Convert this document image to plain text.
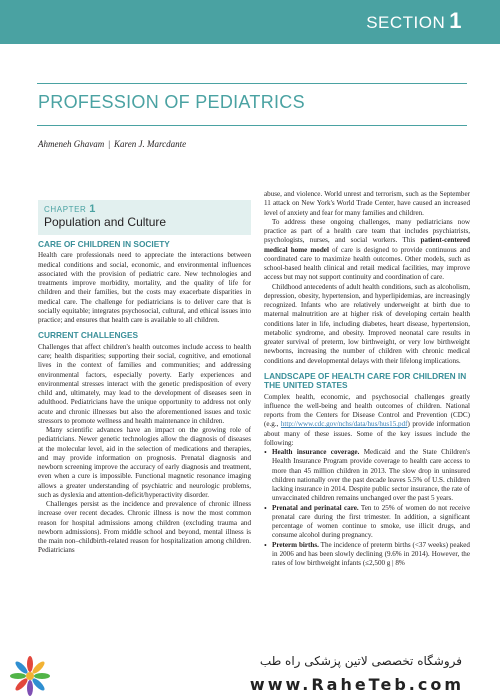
SECTION 1
PROFESSION OF PEDIATRICS
Ahmeneh Ghavam | Karen J. Marcdante
CHAPTER 1
Population and Culture
CARE OF CHILDREN IN SOCIETY

Health care professionals need to appreciate the interactions between medical conditions and social, economic, and environmental influences associated with the provision of pediatric care. New technologies and treatments improve morbidity, mortality, and the quality of life for children and their families, but the costs may exacerbate disparities in medical care. The challenge for pediatricians is to deliver care that is socially equitable; integrates psychosocial, cultural, and ethical issues into practice; and ensures that health care is available to all children.

CURRENT CHALLENGES

Challenges that affect children's health outcomes include access to health care; health disparities; supporting their social, cognitive, and emotional lives in the context of families and communities; and addressing environmental factors, especially poverty. Early experiences and environmental stresses interact with the genetic predisposition of every child and, ultimately, may lead to the development of diseases seen in adulthood. Pediatricians have the unique opportunity to address not only acute and chronic illnesses but also the aforementioned issues and toxic stressors to promote wellness and health maintenance in children.

Many scientific advances have an impact on the growing role of pediatricians. Newer genetic technologies allow the diagnosis of diseases at the molecular level, aid in the selection of medications and therapies, and may provide information on prognosis. Prenatal diagnosis and newborn screening improve the accuracy of early diagnosis and treatment, even when a cure is impossible. Functional magnetic resonance imaging allows a greater understanding of psychiatric and neurologic problems, such as dyslexia and attention-deficit/hyperactivity disorder.

Challenges persist as the incidence and prevalence of chronic illness increase over recent decades. Chronic illness is now the most common reason for hospital admissions among children (excluding trauma and newborn admissions). From middle school and beyond, mental illness is the main non–childbirth-related reason for hospitalization among children. Pediatricians

abuse, and violence. World unrest and terrorism, such as the September 11 attack on New York's World Trade Center, have caused an increased level of anxiety and fear for many families and children.

To address these ongoing challenges, many pediatricians now practice as part of a health care team that includes psychiatrists, psychologists, nurses, and social workers. This patient-centered medical home model of care is designed to provide continuous and coordinated care to maximize health outcomes. Other models, such as school-based health clinical and retail medical facilities, may improve access but may not support continuity and coordination of care.

Childhood antecedents of adult health conditions, such as alcoholism, depression, obesity, hypertension, and hyperlipidemias, are increasingly recognized. Infants who are relatively underweight at birth due to maternal malnutrition are at higher risk of developing certain health conditions later in life, including diabetes, heart disease, hypertension, metabolic syndrome, and obesity. Improved neonatal care results in greater survival of preterm, low birthweight, or very low birthweight newborns, increasing the number of children with chronic medical conditions and developmental delays with their lifelong implications.

LANDSCAPE OF HEALTH CARE FOR CHILDREN IN THE UNITED STATES

Complex health, economic, and psychosocial challenges greatly influence the well-being and health outcomes of children. National reports from the Centers for Disease Control and Prevention (CDC) (e.g., http://www.cdc.gov/nchs/data/hus/hus15.pdf) provide information about many of these issues. Some of the key issues include the following:

• Health insurance coverage. Medicaid and the State Children's Health Insurance Program provide coverage to health care access to more than 45 million children in 2013. The slow drop in uninsured children nationally over the past decade leaves 5.5% of U.S. children lacking insurance in 2014. Despite public sector insurance, the rate of unvaccinated children remains unchanged over the past 5 years.
• Prenatal and perinatal care. Ten to 25% of women do not receive prenatal care during the first trimester. In addition, a significant percentage of women continue to smoke, use illicit drugs, and consume alcohol during pregnancy.
• Preterm births. The incidence of preterm births (<37 weeks) peaked in 2006 and has been slowly declining (9.6% in 2014). However, the rates of low birthweight infants (≤2,500 g | 8%
فروشگاه تخصصی لاتین پزشکی راه طب
www.RaheTeb.com
